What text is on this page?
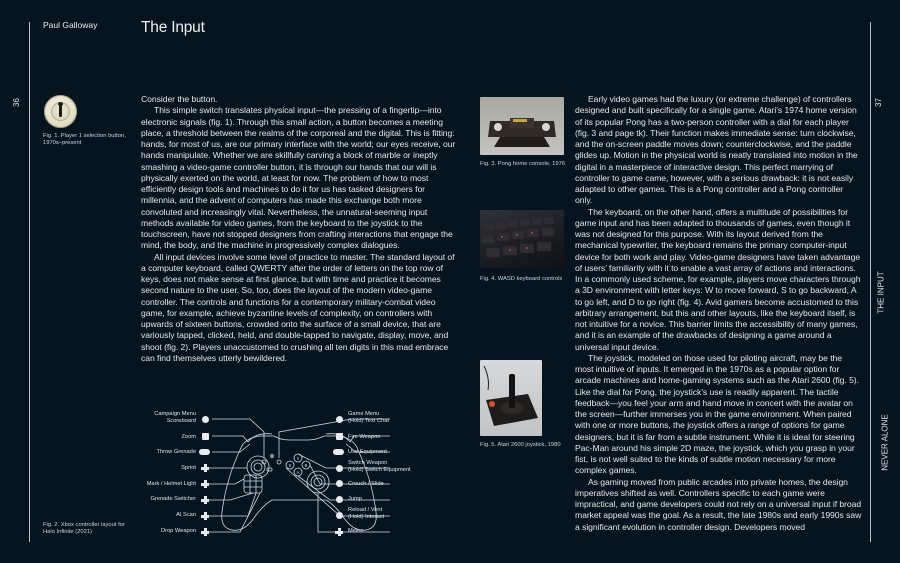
Paul Galloway	The Input
36	37
THE INPUT
NEVER ALONE
Fig. 1. Player 1 selection button, 1970s–present
Fig. 2. Xbox controller layout for Halo Infinite (2021)

Consider the button.

This simple switch translates physical input—the pressing of a fingertip—into electronic signals (fig. 1). Through this small action, a button becomes a meeting place, a threshold between the realms of the corporeal and the digital. This is fitting: hands, for most of us, are our primary interface with the world; our eyes receive, our hands manipulate. Whether we are skillfully carving a block of marble or ineptly smashing a video-game controller button, it is through our hands that our will is physically exerted on the world, at least for now. The problem of how to most efficiently design tools and machines to do it for us has tasked designers for millennia, and the advent of computers has made this exchange both more convoluted and increasingly vital. Nevertheless, the unnatural-seeming input methods available for video games, from the keyboard to the joystick to the touchscreen, have not stopped designers from crafting interactions that engage the mind, the body, and the machine in progressively complex dialogues.

All input devices involve some level of practice to master. The standard layout of a computer keyboard, called QWERTY after the order of letters on the top row of keys, does not make sense at first glance, but with time and practice it becomes second nature to the user. So, too, does the layout of the modern video-game controller. The controls and functions for a contemporary military-combat video game, for example, achieve byzantine levels of complexity, on controllers with upwards of sixteen buttons, crowded onto the surface of a small device, that are variously tapped, clicked, held, and double-tapped to navigate, display, move, and shoot (fig. 2). Players unaccustomed to crushing all ten digits in this mad embrace can find themselves utterly bewildered.

⊗	Y
X	B
A
Campaign Menu
Scoreboard
Zoom
Throw Grenade
Sprint
Mark / Helmet Light
Grenade Switcher
AI Scan
Drop Weapon
Game Menu
(Hold) Text Chat
Fire Weapon
Use Equipment
Switch Weapon
(Hold) Switch Equipment
Crouch / Slide
Jump
Reload / Vent
(Hold) Interact
Melee
Fig. 3. Pong home console, 1976
Fig. 4. WASD keyboard controls
Fig. 5. Atari 2600 joystick, 1980

Early video games had the luxury (or extreme challenge) of controllers designed and built specifically for a single game. Atari’s 1974 home version of its popular Pong has a two-person controller with a dial for each player (fig. 3 and page tk). Their function makes immediate sense: turn clockwise, and the on-screen paddle moves down; counterclockwise, and the paddle glides up. Motion in the physical world is neatly translated into motion in the digital in a masterpiece of interactive design. This perfect marrying of controller to game came, however, with a serious drawback: it is not easily adapted to other games. This is a Pong controller and a Pong controller only.

The keyboard, on the other hand, offers a multitude of possibilities for game input and has been adapted to thousands of games, even though it was not designed for this purpose. With its layout derived from the mechanical typewriter, the keyboard remains the primary computer-input device for both work and play. Video-game designers have taken advantage of users’ familiarity with it to enable a vast array of actions and interactions. In a commonly used scheme, for example, players move characters through a 3D environment with letter keys: W to move forward, S to go backward, A to go left, and D to go right (fig. 4). Avid gamers become accustomed to this arbitrary arrangement, but this and other layouts, like the keyboard itself, is not intuitive for a novice. This barrier limits the accessibility of many games, and it is an example of the drawbacks of designing a game around a universal input device.

The joystick, modeled on those used for piloting aircraft, may be the most intuitive of inputs. It emerged in the 1970s as a popular option for arcade machines and home-gaming systems such as the Atari 2600 (fig. 5). Like the dial for Pong, the joystick’s use is readily apparent. The tactile feedback—you feel your arm and hand move in concert with the avatar on the screen—further immerses you in the game environment. When paired with one or more buttons, the joystick offers a range of options for game designers, but it is far from a subtle instrument. While it is ideal for steering Pac-Man around his simple 2D maze, the joystick, which you grasp in your fist, is not well suited to the kinds of subtle motion necessary for more complex games.

As gaming moved from public arcades into private homes, the design imperatives shifted as well. Controllers specific to each game were impractical, and game developers could not rely on a universal input if broad market appeal was the goal. As a result, the late 1980s and early 1990s saw a significant evolution in controller design. Developers moved
